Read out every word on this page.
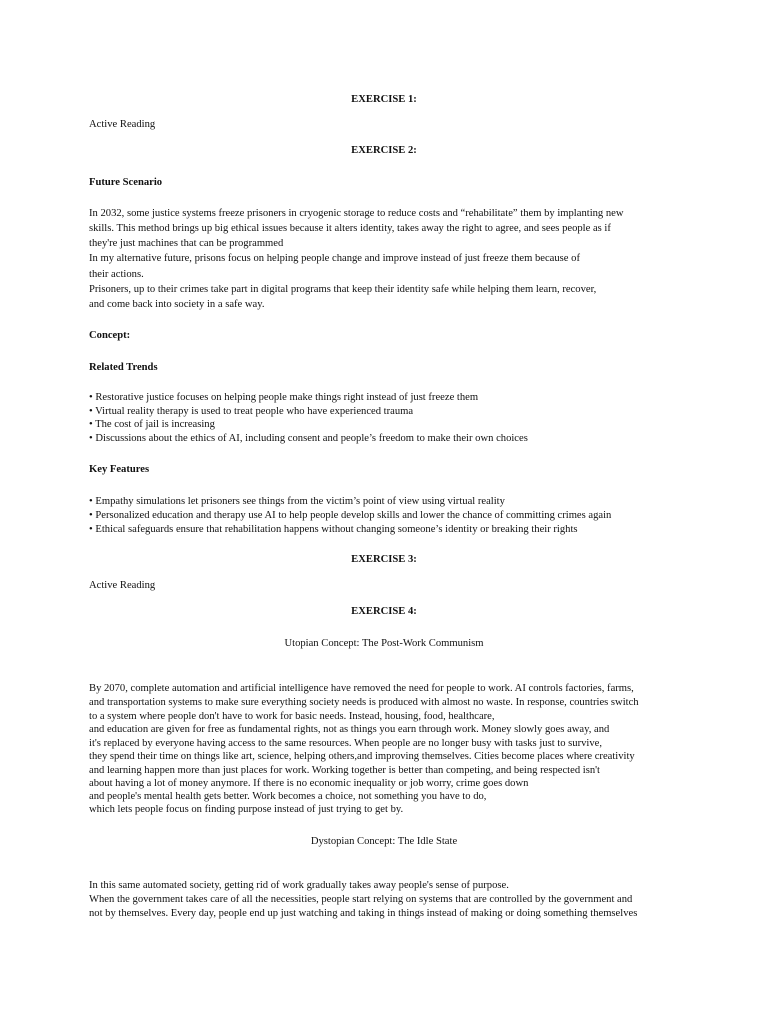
EXERCISE 1:

Active Reading

EXERCISE 2:

Future Scenario

In 2032, some justice systems freeze prisoners in cryogenic storage to reduce costs and “rehabilitate” them by implanting new

skills. This method brings up big ethical issues because it alters identity, takes away the right to agree, and sees people as if

they're just machines that can be programmed

In my alternative future, prisons focus on helping people change and improve instead of just freeze them because of

their actions.

Prisoners, up to their crimes take part in digital programs that keep their identity safe while helping them learn, recover,

and come back into society in a safe way.

Concept:

Related Trends

• Restorative justice focuses on helping people make things right instead of just freeze them

• Virtual reality therapy is used to treat people who have experienced trauma

• The cost of jail is increasing

• Discussions about the ethics of AI, including consent and people’s freedom to make their own choices

Key Features

• Empathy simulations let prisoners see things from the victim’s point of view using virtual reality

• Personalized education and therapy use AI to help people develop skills and lower the chance of committing crimes again

• Ethical safeguards ensure that rehabilitation happens without changing someone’s identity or breaking their rights

EXERCISE 3:

Active Reading

EXERCISE 4:

Utopian Concept: The Post-Work Communism

By 2070, complete automation and artificial intelligence have removed the need for people to work. AI controls factories, farms,

and transportation systems to make sure everything society needs is produced with almost no waste. In response, countries switch

to a system where people don't have to work for basic needs. Instead, housing, food, healthcare,

and education are given for free as fundamental rights, not as things you earn through work. Money slowly goes away, and

it's replaced by everyone having access to the same resources. When people are no longer busy with tasks just to survive,

they spend their time on things like art, science, helping others,and improving themselves. Cities become places where creativity

and learning happen more than just places for work. Working together is better than competing, and being respected isn't

about having a lot of money anymore. If there is no economic inequality or job worry, crime goes down

and people's mental health gets better. Work becomes a choice, not something you have to do,

which lets people focus on finding purpose instead of just trying to get by.

Dystopian Concept: The Idle State

In this same automated society, getting rid of work gradually takes away people's sense of purpose.

When the government takes care of all the necessities, people start relying on systems that are controlled by the government and

not by themselves. Every day, people end up just watching and taking in things instead of making or doing something themselves
